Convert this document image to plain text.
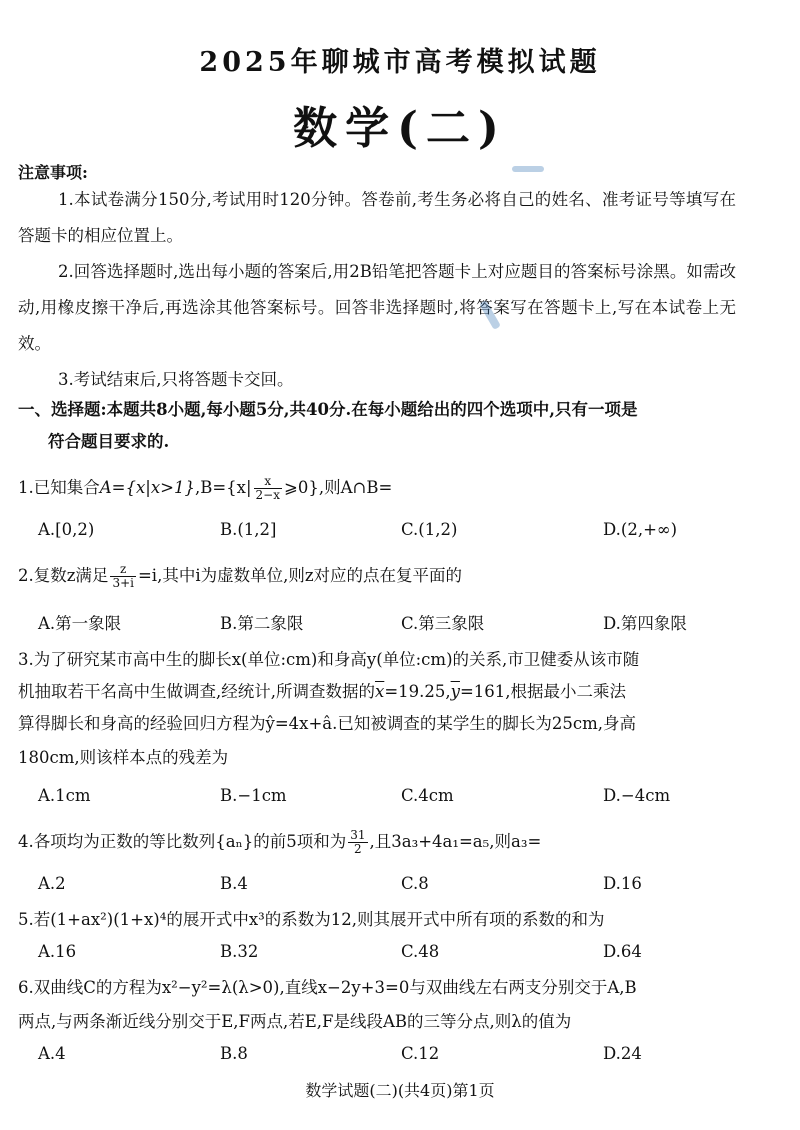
2025年聊城市高考模拟试题
数学(二)
注意事项:
1.本试卷满分150分,考试用时120分钟。答卷前,考生务必将自己的姓名、准考证号等填写在答题卡的相应位置上。
2.回答选择题时,选出每小题的答案后,用2B铅笔把答题卡上对应题目的答案标号涂黑。如需改动,用橡皮擦干净后,再选涂其他答案标号。回答非选择题时,将答案写在答题卡上,写在本试卷上无效。
3.考试结束后,只将答题卡交回。
一、选择题:本题共8小题,每小题5分,共40分.在每小题给出的四个选项中,只有一项是
符合题目要求的.
1.已知集合$A=\{x|x>1\},B=\{x| \frac{x}{2-x}$ ⩾0},则A∩B=
A.[0,2)	B.(1,2]	C.(1,2)	D.(2,+∞)
2.复数z满足 $\frac{z}{3+i} =i$,其中i为虚数单位,则z对应的点在复平面的
A.第一象限	B.第二象限	C.第三象限	D.第四象限
3.为了研究某市高中生的脚长x(单位:cm)和身高y(单位:cm)的关系,市卫健委从该市随
机抽取若干名高中生做调查,经统计,所调查数据的$\overline{x}=19.25,\overline{y}=161$,根据最小二乘法
算得脚长和身高的经验回归方程为ŷ=4x+â.已知被调查的某学生的脚长为25cm,身高
180cm,则该样本点的残差为
A.1cm	B.−1cm	C.4cm	D.−4cm
4.各项均为正数的等比数列{aₙ}的前5项和为 $\frac{31}{2}$ ,且3a₃+4a₁=a₅,则a₃=
A.2	B.4	C.8	D.16
5.若(1+ax²)(1+x)⁴的展开式中x³的系数为12,则其展开式中所有项的系数的和为
A.16	B.32	C.48	D.64
6.双曲线C的方程为x²−y²=λ(λ>0),直线x−2y+3=0与双曲线左右两支分别交于A,B
两点,与两条渐近线分别交于E,F两点,若E,F是线段AB的三等分点,则λ的值为
A.4	B.8	C.12	D.24
数学试题(二)(共4页)第1页
